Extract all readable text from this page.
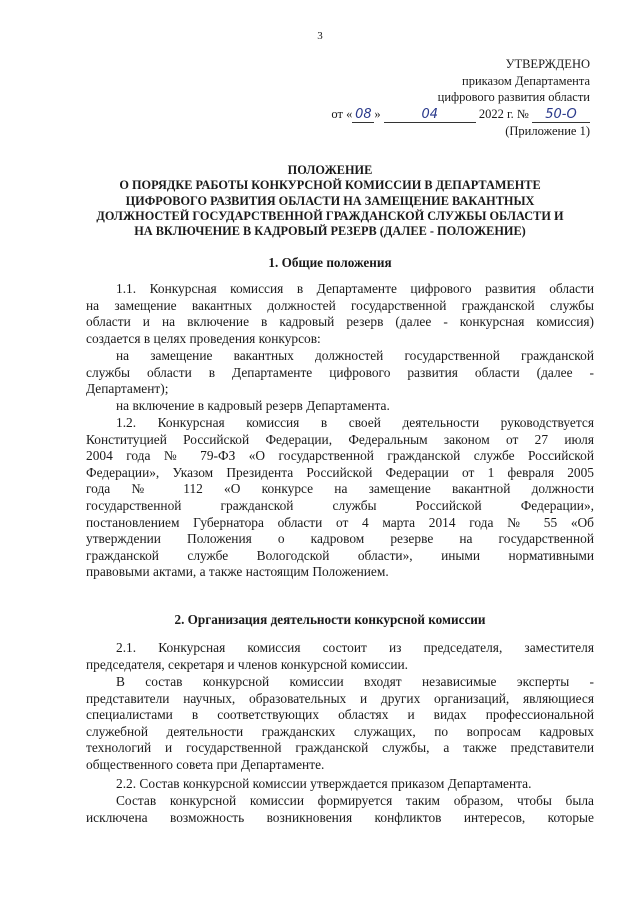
3
УТВЕРЖДЕНО
приказом Департамента
цифрового развития области
от « 08 »	04	2022 г. № 50-О
(Приложение 1)
ПОЛОЖЕНИЕ
О ПОРЯДКЕ РАБОТЫ КОНКУРСНОЙ КОМИССИИ В ДЕПАРТАМЕНТЕ
ЦИФРОВОГО РАЗВИТИЯ ОБЛАСТИ НА ЗАМЕЩЕНИЕ ВАКАНТНЫХ
ДОЛЖНОСТЕЙ ГОСУДАРСТВЕННОЙ ГРАЖДАНСКОЙ СЛУЖБЫ ОБЛАСТИ И
НА ВКЛЮЧЕНИЕ В КАДРОВЫЙ РЕЗЕРВ (ДАЛЕЕ - ПОЛОЖЕНИЕ)
1. Общие положения
1.1. Конкурсная комиссия в Департаменте цифрового развития области
на замещение вакантных должностей государственной гражданской службы
области и на включение в кадровый резерв (далее - конкурсная комиссия)
создается в целях проведения конкурсов:
на замещение вакантных должностей государственной гражданской
службы области в Департаменте цифрового развития области (далее -
Департамент);
на включение в кадровый резерв Департамента.
1.2. Конкурсная комиссия в своей деятельности руководствуется
Конституцией Российской Федерации, Федеральным законом от 27 июля
2004 года № 79-ФЗ «О государственной гражданской службе Российской
Федерации», Указом Президента Российской Федерации от 1 февраля 2005
года № 112 «О конкурсе на замещение вакантной должности
государственной гражданской службы Российской Федерации»,
постановлением Губернатора области от 4 марта 2014 года № 55 «Об
утверждении Положения о кадровом резерве на государственной
гражданской службе Вологодской области», иными нормативными
правовыми актами, а также настоящим Положением.
2. Организация деятельности конкурсной комиссии
2.1. Конкурсная комиссия состоит из председателя, заместителя
председателя, секретаря и членов конкурсной комиссии.
В состав конкурсной комиссии входят независимые эксперты -
представители научных, образовательных и других организаций, являющиеся
специалистами в соответствующих областях и видах профессиональной
служебной деятельности гражданских служащих, по вопросам кадровых
технологий и государственной гражданской службы, а также представители
общественного совета при Департаменте.
2.2. Состав конкурсной комиссии утверждается приказом Департамента.
Состав конкурсной комиссии формируется таким образом, чтобы была
исключена возможность возникновения конфликтов интересов, которые
